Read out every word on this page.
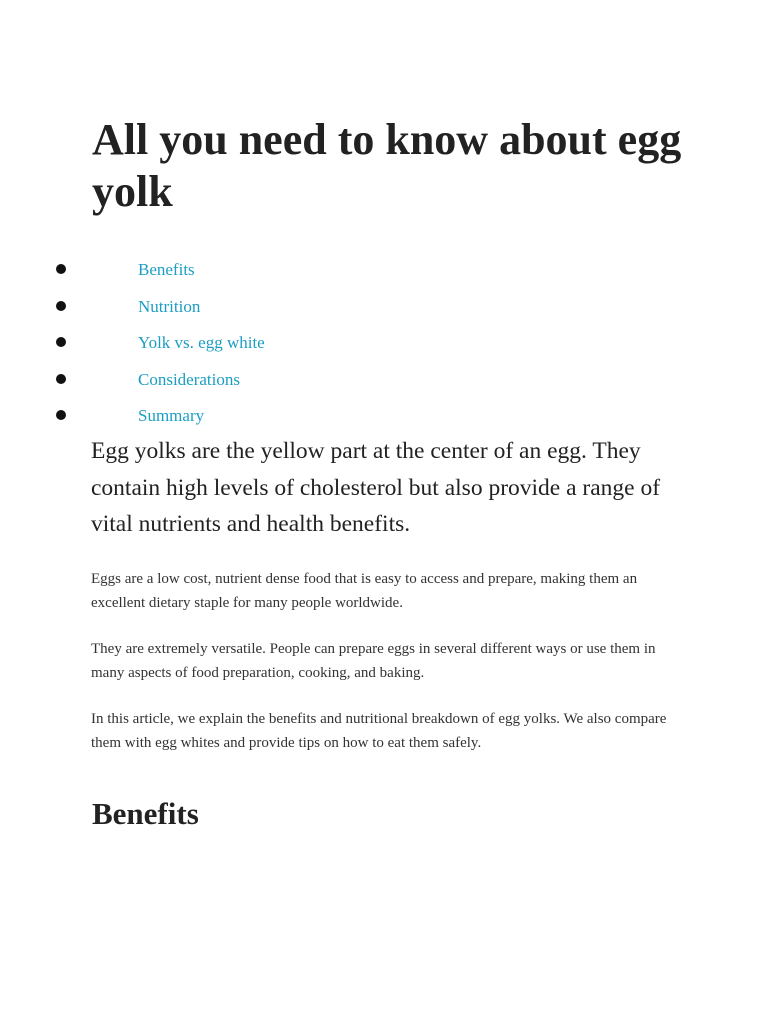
All you need to know about egg yolk
Benefits
Nutrition
Yolk vs. egg white
Considerations
Summary

Egg yolks are the yellow part at the center of an egg. They contain high levels of cholesterol but also provide a range of vital nutrients and health benefits.

Eggs are a low cost, nutrient dense food that is easy to access and prepare, making them an excellent dietary staple for many people worldwide.

They are extremely versatile. People can prepare eggs in several different ways or use them in many aspects of food preparation, cooking, and baking.

In this article, we explain the benefits and nutritional breakdown of egg yolks. We also compare them with egg whites and provide tips on how to eat them safely.

Benefits
